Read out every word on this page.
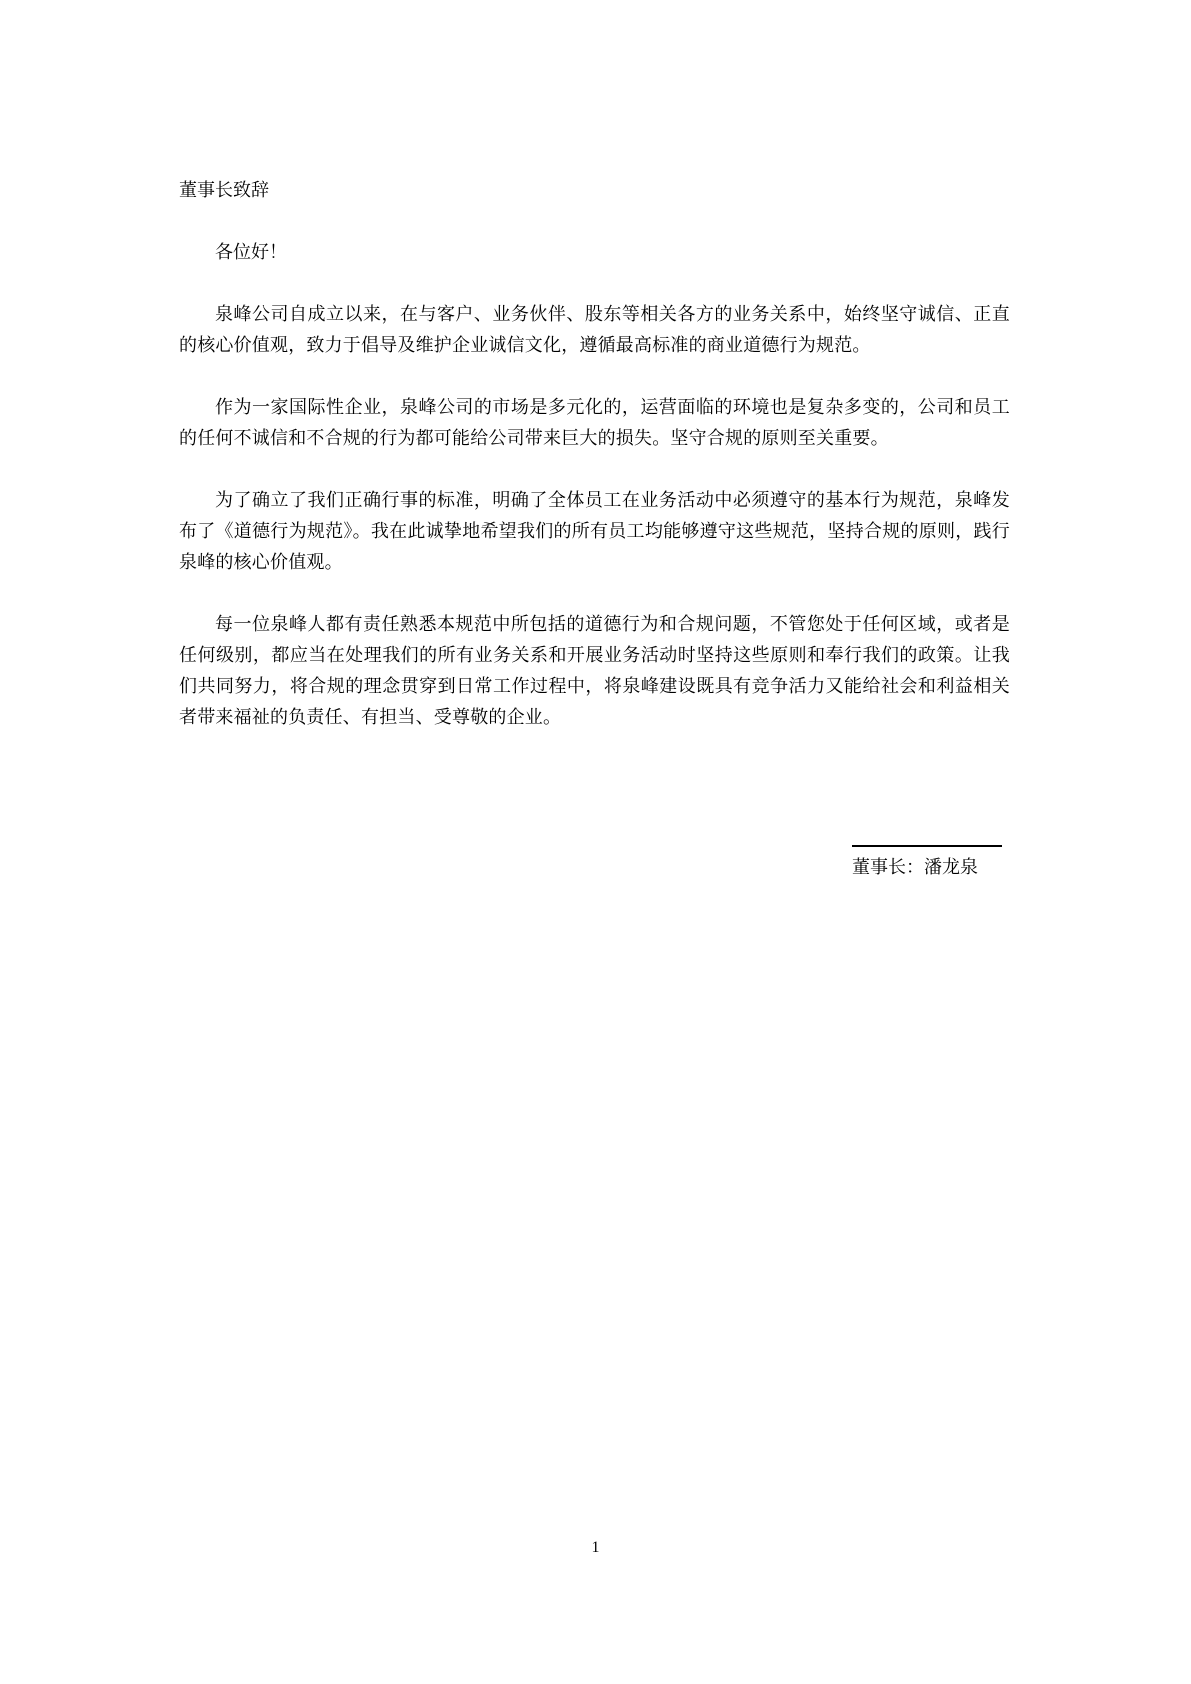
董事长致辞

各位好！

泉峰公司自成立以来，在与客户、业务伙伴、股东等相关各方的业务关系中，始终坚守诚信、正直的核心价值观，致力于倡导及维护企业诚信文化，遵循最高标准的商业道德行为规范。

作为一家国际性企业，泉峰公司的市场是多元化的，运营面临的环境也是复杂多变的，公司和员工的任何不诚信和不合规的行为都可能给公司带来巨大的损失。坚守合规的原则至关重要。

为了确立了我们正确行事的标准，明确了全体员工在业务活动中必须遵守的基本行为规范，泉峰发布了《道德行为规范》。我在此诚挚地希望我们的所有员工均能够遵守这些规范，坚持合规的原则，践行泉峰的核心价值观。

每一位泉峰人都有责任熟悉本规范中所包括的道德行为和合规问题，不管您处于任何区域，或者是任何级别，都应当在处理我们的所有业务关系和开展业务活动时坚持这些原则和奉行我们的政策。让我们共同努力，将合规的理念贯穿到日常工作过程中，将泉峰建设既具有竞争活力又能给社会和利益相关者带来福祉的负责任、有担当、受尊敬的企业。

董事长：潘龙泉
1
